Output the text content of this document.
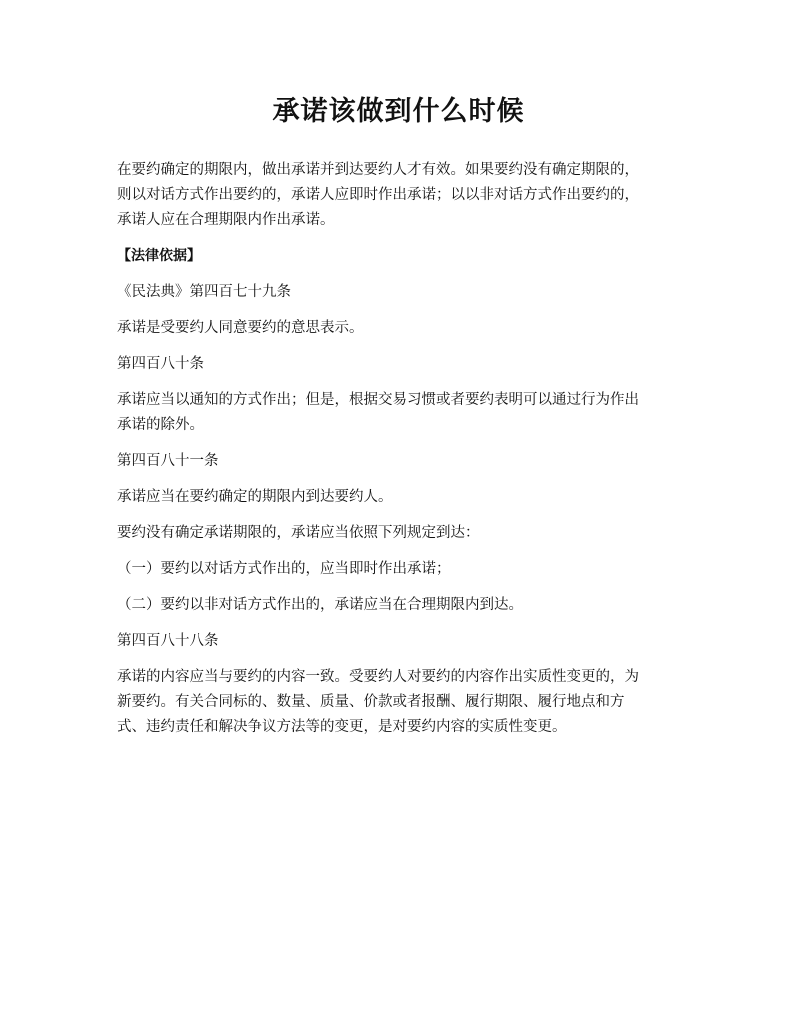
承诺该做到什么时候
在要约确定的期限内，做出承诺并到达要约人才有效。如果要约没有确定期限的，
则以对话方式作出要约的，承诺人应即时作出承诺；以以非对话方式作出要约的，
承诺人应在合理期限内作出承诺。
【法律依据】
《民法典》第四百七十九条
承诺是受要约人同意要约的意思表示。
第四百八十条
承诺应当以通知的方式作出；但是，根据交易习惯或者要约表明可以通过行为作出
承诺的除外。
第四百八十一条
承诺应当在要约确定的期限内到达要约人。
要约没有确定承诺期限的，承诺应当依照下列规定到达：
（一）要约以对话方式作出的，应当即时作出承诺；
（二）要约以非对话方式作出的，承诺应当在合理期限内到达。
第四百八十八条
承诺的内容应当与要约的内容一致。受要约人对要约的内容作出实质性变更的，为
新要约。有关合同标的、数量、质量、价款或者报酬、履行期限、履行地点和方
式、违约责任和解决争议方法等的变更，是对要约内容的实质性变更。
